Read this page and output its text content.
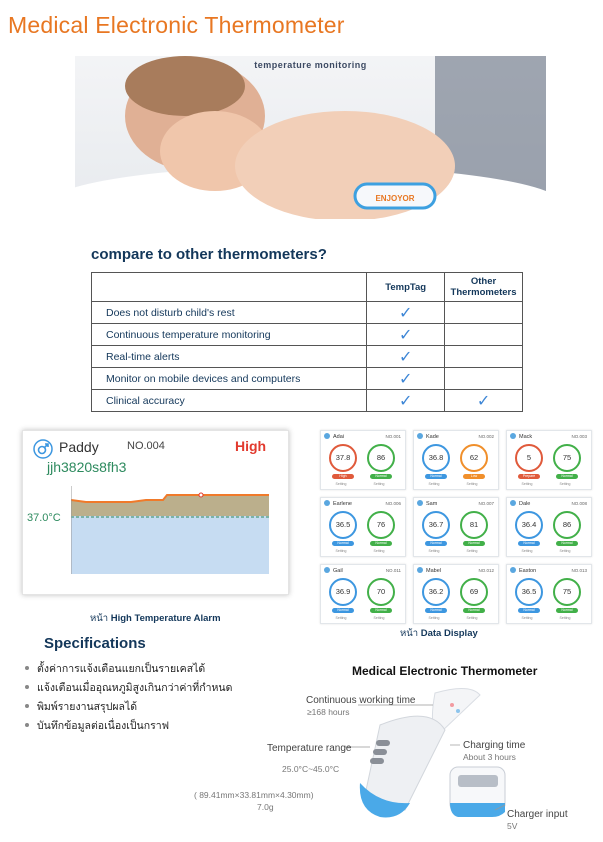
Medical Electronic Thermometer
temperature monitoring
ENJOYOR
compare to other thermometers?
	TempTag	Other Thermometers
Does not disturb child's rest	✓	
Continuous temperature monitoring	✓	
Real-time alerts	✓	
Monitor on mobile devices and computers	✓	
Clinical accuracy	✓	✓
Paddy	NO.004	High
jjh3820s8fh3
37.0°C
หน้า High Temperature Alarm
Adai	NO.001
37.8	86
High	Normal
Setting	Setting
Kade	NO.002
36.8	62
Normal	Low
Setting	Setting
Mack	NO.003
5	75
Prepare	Normal
Setting	Setting
Earlene	NO.006
36.5	76
Normal	Normal
Setting	Setting
Sam	NO.007
36.7	81
Normal	Normal
Setting	Setting
Dale	NO.008
36.4	86
Normal	Normal
Setting	Setting
Gail	NO.011
36.9	70
Normal	Normal
Setting	Setting
Mabel	NO.012
36.2	69
Normal	Normal
Setting	Setting
Easton	NO.013
36.5	75
Normal	Normal
Setting	Setting
หน้า Data Display
Specifications
ตั้งค่าการแจ้งเตือนแยกเป็นรายเคสได้
แจ้งเตือนเมื่ออุณหภูมิสูงเกินกว่าค่าที่กำหนด
พิมพ์รายงานสรุปผลได้
บันทึกข้อมูลต่อเนื่องเป็นกราฟ
Medical Electronic Thermometer
Continuous working time
≥168 hours
Temperature range
25.0°C~45.0°C
( 89.41mm×33.81mm×4.30mm)
7.0g
Charging time
About 3 hours
Charger input
5V
